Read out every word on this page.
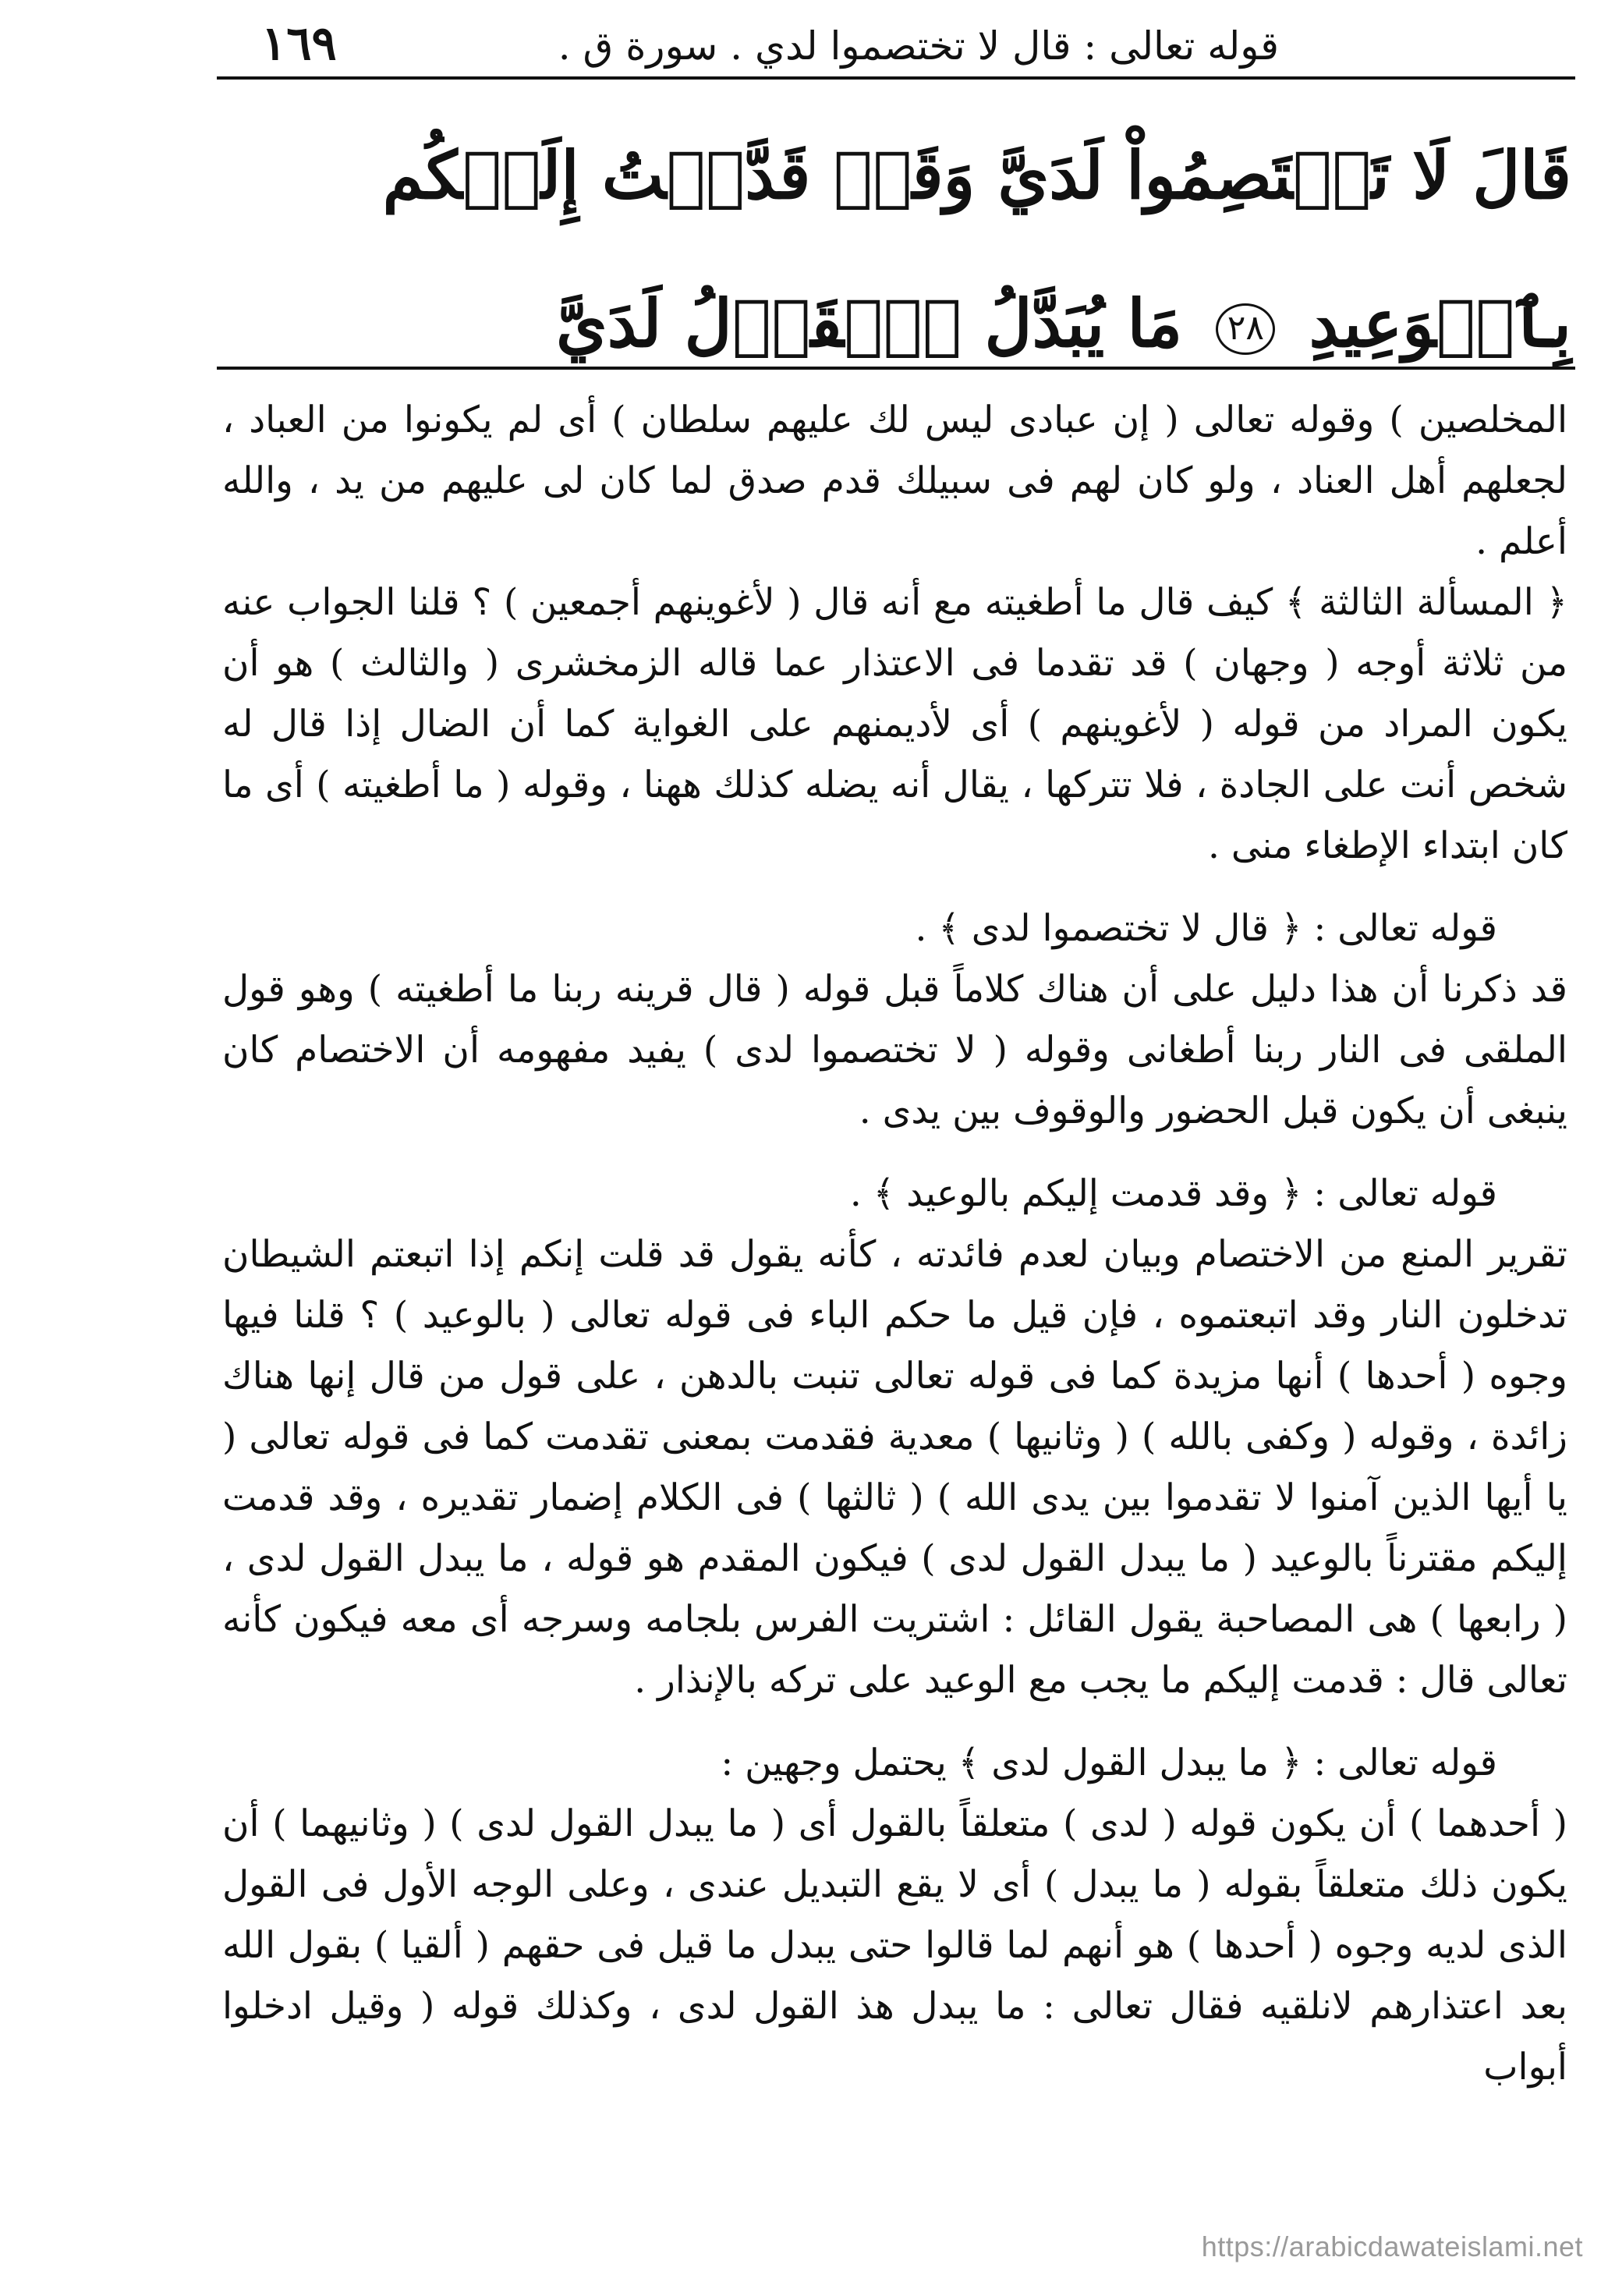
قوله تعالى : قال لا تختصموا لدي . سورة ق .
١٦٩
قَالَ لَا تَخۡتَصِمُواْ لَدَيَّ وَقَدۡ قَدَّمۡتُ إِلَيۡكُم بِٱلۡوَعِيدِ ٢٨ مَا يُبَدَّلُ ٱلۡقَوۡلُ لَدَيَّ

المخلصين ) وقوله تعالى ( إن عبادى ليس لك عليهم سلطان ) أى لم يكونوا من العباد ، لجعلهم أهل العناد ، ولو كان لهم فى سبيلك قدم صدق لما كان لى عليهم من يد ، والله أعلم .

﴿ المسألة الثالثة ﴾ كيف قال ما أطغيته مع أنه قال ( لأغوينهم أجمعين ) ؟ قلنا الجواب عنه من ثلاثة أوجه ( وجهان ) قد تقدما فى الاعتذار عما قاله الزمخشرى ( والثالث ) هو أن يكون المراد من قوله ( لأغوينهم ) أى لأديمنهم على الغواية كما أن الضال إذا قال له شخص أنت على الجادة ، فلا تتركها ، يقال أنه يضله كذلك ههنا ، وقوله ( ما أطغيته ) أى ما كان ابتداء الإطغاء منى .

قوله تعالى : ﴿ قال لا تختصموا لدى ﴾ .

قد ذكرنا أن هذا دليل على أن هناك كلاماً قبل قوله ( قال قرينه ربنا ما أطغيته ) وهو قول الملقى فى النار ربنا أطغانى وقوله ( لا تختصموا لدى ) يفيد مفهومه أن الاختصام كان ينبغى أن يكون قبل الحضور والوقوف بين يدى .

قوله تعالى : ﴿ وقد قدمت إليكم بالوعيد ﴾ .

تقرير المنع من الاختصام وبيان لعدم فائدته ، كأنه يقول قد قلت إنكم إذا اتبعتم الشيطان تدخلون النار وقد اتبعتموه ، فإن قيل ما حكم الباء فى قوله تعالى ( بالوعيد ) ؟ قلنا فيها وجوه ( أحدها ) أنها مزيدة كما فى قوله تعالى تنبت بالدهن ، على قول من قال إنها هناك زائدة ، وقوله ( وكفى بالله ) ( وثانيها ) معدية فقدمت بمعنى تقدمت كما فى قوله تعالى ( يا أيها الذين آمنوا لا تقدموا بين يدى الله ) ( ثالثها ) فى الكلام إضمار تقديره ، وقد قدمت إليكم مقترناً بالوعيد ( ما يبدل القول لدى ) فيكون المقدم هو قوله ، ما يبدل القول لدى ، ( رابعها ) هى المصاحبة يقول القائل : اشتريت الفرس بلجامه وسرجه أى معه فيكون كأنه تعالى قال : قدمت إليكم ما يجب مع الوعيد على تركه بالإنذار .

قوله تعالى : ﴿ ما يبدل القول لدى ﴾ يحتمل وجهين :

( أحدهما ) أن يكون قوله ( لدى ) متعلقاً بالقول أى ( ما يبدل القول لدى ) ( وثانيهما ) أن يكون ذلك متعلقاً بقوله ( ما يبدل ) أى لا يقع التبديل عندى ، وعلى الوجه الأول فى القول الذى لديه وجوه ( أحدها ) هو أنهم لما قالوا حتى يبدل ما قيل فى حقهم ( ألقيا ) بقول الله بعد اعتذارهم لانلقيه فقال تعالى : ما يبدل هذ القول لدى ، وكذلك قوله ( وقيل ادخلوا أبواب

https://arabicdawateislami.net
